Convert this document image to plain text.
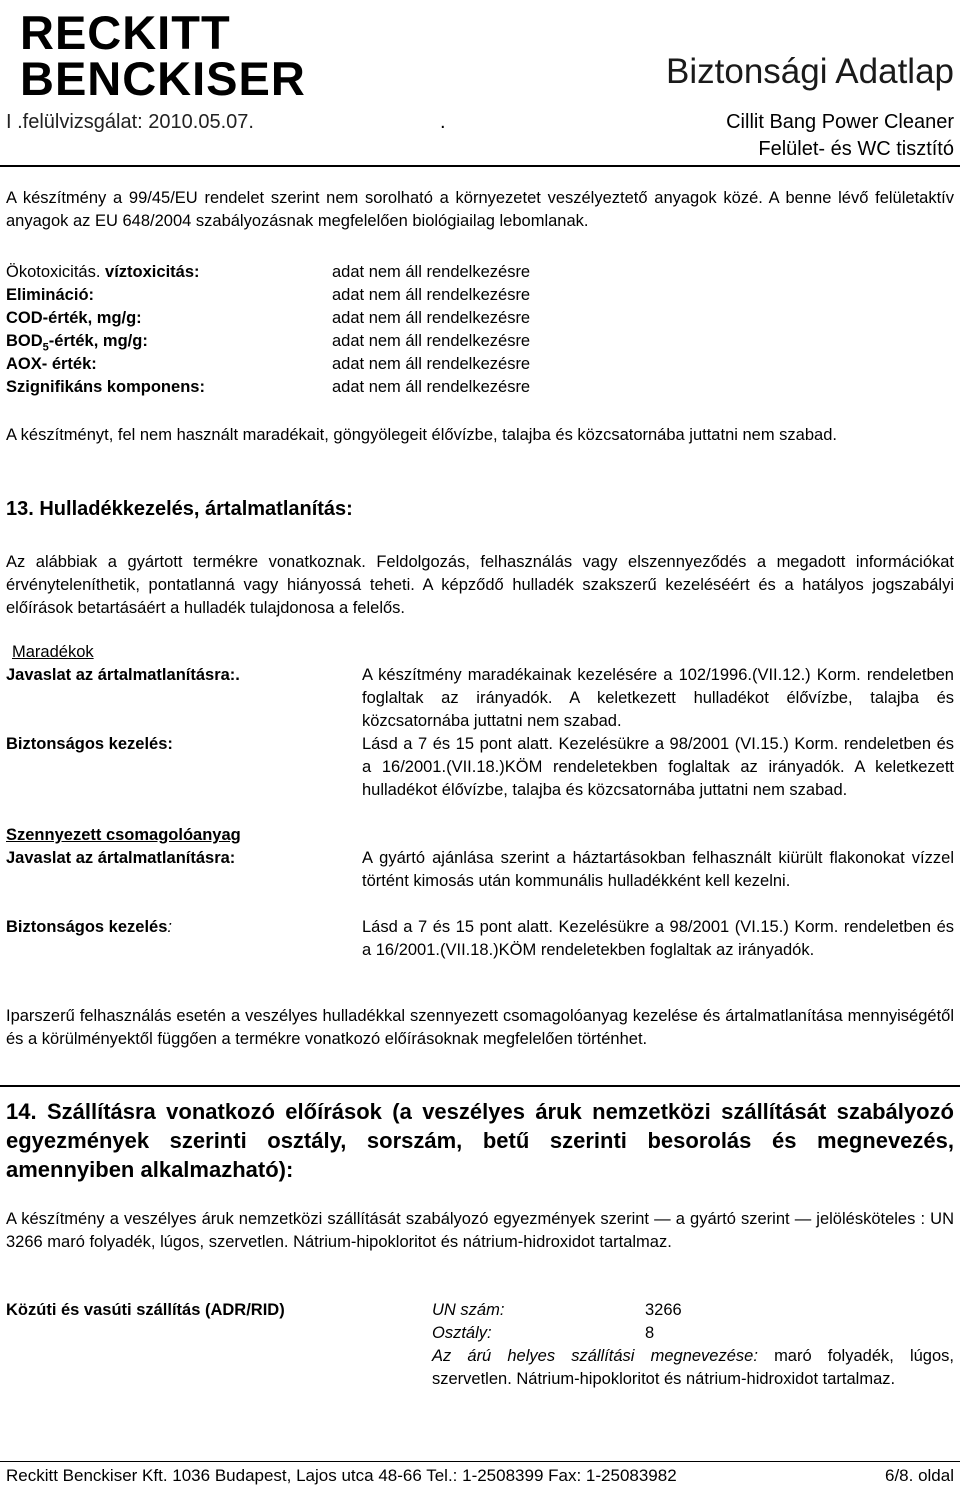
RECKITT
BENCKISER	Biztonsági Adatlap
I .felülvizsgálat: 2010.05.07.	.	Cillit Bang Power Cleaner
Felület- és WC tisztító
A készítmény a 99/45/EU rendelet szerint nem sorolható a környezetet veszélyeztető anyagok közé. A benne lévő felületaktív anyagok az EU 648/2004 szabályozásnak megfelelően biológiailag lebomlanak.
Ökotoxicitás. víztoxicitás:	adat nem áll rendelkezésre
Elimináció:	adat nem áll rendelkezésre
COD-érték, mg/g:	adat nem áll rendelkezésre
$BOD_5$-érték, mg/g:	adat nem áll rendelkezésre
AOX- érték:	adat nem áll rendelkezésre
Szignifikáns komponens:	adat nem áll rendelkezésre
A készítményt, fel nem használt maradékait, göngyölegeit élővízbe, talajba és közcsatornába juttatni nem szabad.
13. Hulladékkezelés, ártalmatlanítás:
Az alábbiak a gyártott termékre vonatkoznak. Feldolgozás, felhasználás vagy elszennyeződés a megadott információkat érvényteleníthetik, pontatlanná vagy hiányossá teheti. A képződő hulladék szakszerű kezeléséért és a hatályos jogszabályi előírások betartásáért a hulladék tulajdonosa a felelős.
Maradékok
Javaslat az ártalmatlanításra:.	A készítmény maradékainak kezelésére a 102/1996.(VII.12.) Korm. rendeletben foglaltak az irányadók. A keletkezett hulladékot élővízbe, talajba és közcsatornába juttatni nem szabad.
Biztonságos kezelés:	Lásd a 7 és 15 pont alatt. Kezelésükre a 98/2001 (VI.15.) Korm. rendeletben és a 16/2001.(VII.18.)KÖM rendeletekben foglaltak az irányadók. A keletkezett hulladékot élővízbe, talajba és közcsatornába juttatni nem szabad.
Szennyezett csomagolóanyag
Javaslat az ártalmatlanításra:	A gyártó ajánlása szerint a háztartásokban felhasznált kiürült flakonokat vízzel történt kimosás után kommunális hulladékként kell kezelni.
Biztonságos kezelés:	Lásd a 7 és 15 pont alatt. Kezelésükre a 98/2001 (VI.15.) Korm. rendeletben és a 16/2001.(VII.18.)KÖM rendeletekben foglaltak az irányadók.
Iparszerű felhasználás esetén a veszélyes hulladékkal szennyezett csomagolóanyag kezelése és ártalmatlanítása mennyiségétől és a körülményektől függően a termékre vonatkozó előírásoknak megfelelően történhet.
14. Szállításra vonatkozó előírások (a veszélyes áruk nemzetközi szállítását szabályozó egyezmények szerinti osztály, sorszám, betű szerinti besorolás és megnevezés, amennyiben alkalmazható):
A készítmény a veszélyes áruk nemzetközi szállítását szabályozó egyezmények szerint — a gyártó szerint — jelölésköteles : UN 3266 maró folyadék, lúgos, szervetlen. Nátrium-hipokloritot és nátrium-hidroxidot tartalmaz.
Közúti és vasúti szállítás (ADR/RID)	UN szám:	3266
Osztály:	8
Az árú helyes szállítási megnevezése: maró folyadék, lúgos, szervetlen. Nátrium-hipokloritot és nátrium-hidroxidot tartalmaz.
Reckitt Benckiser Kft. 1036 Budapest, Lajos utca 48-66 Tel.: 1-2508399 Fax: 1-25083982	6/8. oldal
